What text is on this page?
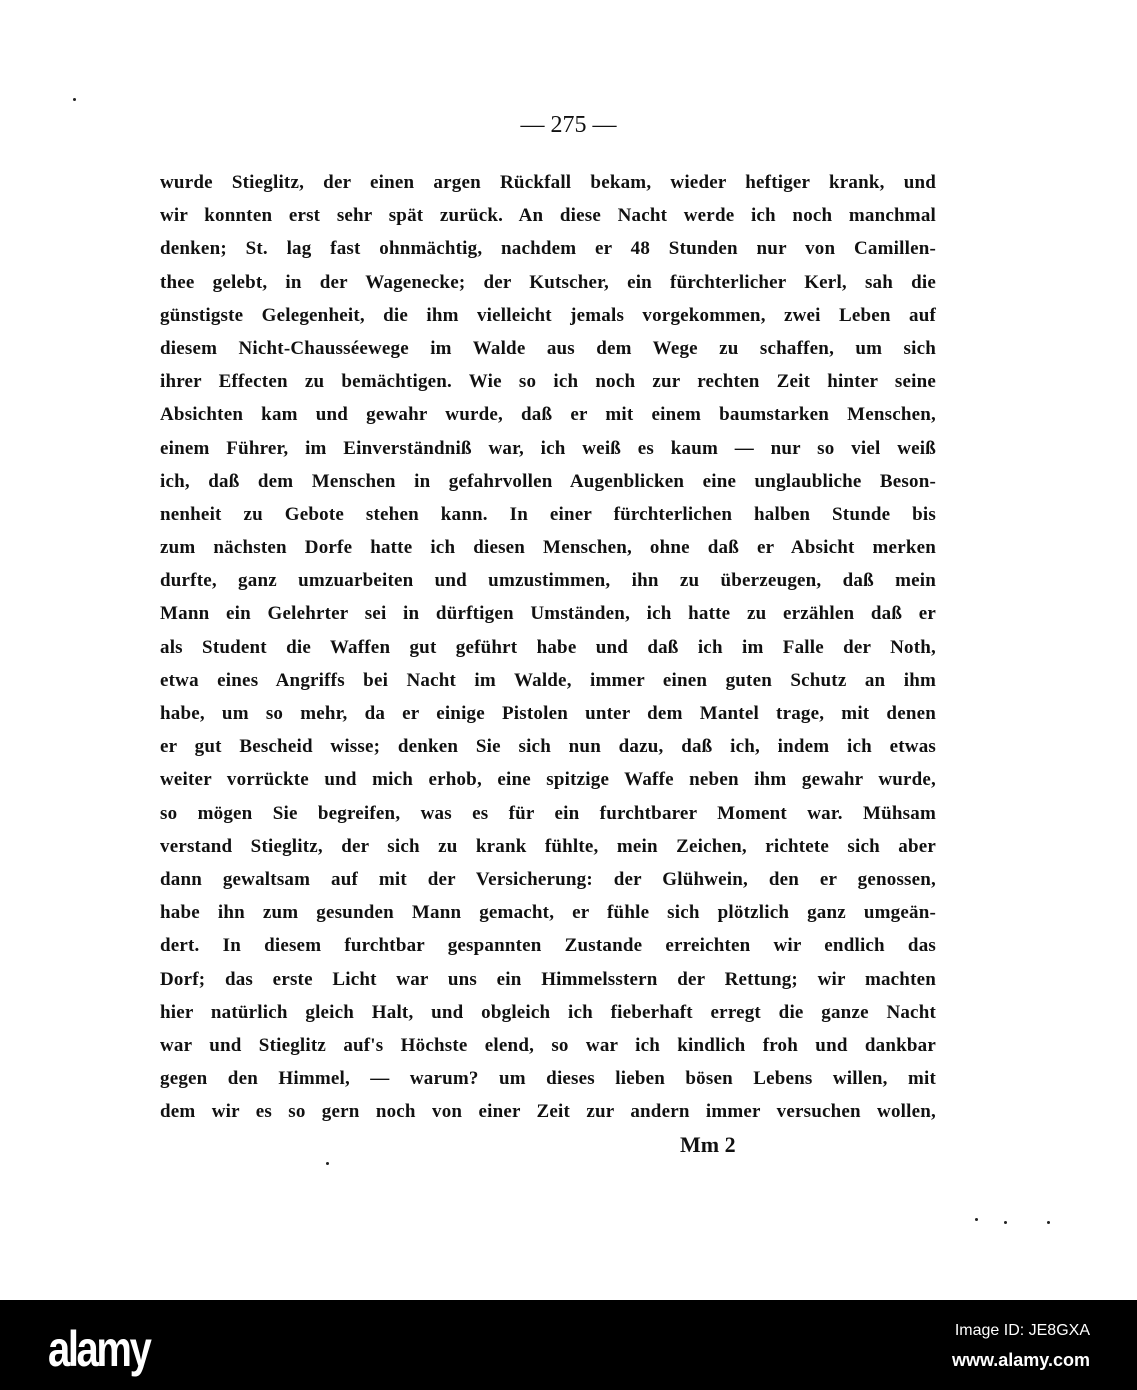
— 275 —
wurde Stieglitz, der einen argen Rückfall bekam, wieder heftiger krank, und
wir konnten erst sehr spät zurück. An diese Nacht werde ich noch manchmal
denken; St. lag fast ohnmächtig, nachdem er 48 Stunden nur von Camillen-
thee gelebt, in der Wagenecke; der Kutscher, ein fürchterlicher Kerl, sah die
günstigste Gelegenheit, die ihm vielleicht jemals vorgekommen, zwei Leben auf
diesem Nicht-Chausséewege im Walde aus dem Wege zu schaffen, um sich
ihrer Effecten zu bemächtigen. Wie so ich noch zur rechten Zeit hinter seine
Absichten kam und gewahr wurde, daß er mit einem baumstarken Menschen,
einem Führer, im Einverständniß war, ich weiß es kaum — nur so viel weiß
ich, daß dem Menschen in gefahrvollen Augenblicken eine unglaubliche Beson-
nenheit zu Gebote stehen kann. In einer fürchterlichen halben Stunde bis
zum nächsten Dorfe hatte ich diesen Menschen, ohne daß er Absicht merken
durfte, ganz umzuarbeiten und umzustimmen, ihn zu überzeugen, daß mein
Mann ein Gelehrter sei in dürftigen Umständen, ich hatte zu erzählen daß er
als Student die Waffen gut geführt habe und daß ich im Falle der Noth,
etwa eines Angriffs bei Nacht im Walde, immer einen guten Schutz an ihm
habe, um so mehr, da er einige Pistolen unter dem Mantel trage, mit denen
er gut Bescheid wisse; denken Sie sich nun dazu, daß ich, indem ich etwas
weiter vorrückte und mich erhob, eine spitzige Waffe neben ihm gewahr wurde,
so mögen Sie begreifen, was es für ein furchtbarer Moment war. Mühsam
verstand Stieglitz, der sich zu krank fühlte, mein Zeichen, richtete sich aber
dann gewaltsam auf mit der Versicherung: der Glühwein, den er genossen,
habe ihn zum gesunden Mann gemacht, er fühle sich plötzlich ganz umgeän-
dert. In diesem furchtbar gespannten Zustande erreichten wir endlich das
Dorf; das erste Licht war uns ein Himmelsstern der Rettung; wir machten
hier natürlich gleich Halt, und obgleich ich fieberhaft erregt die ganze Nacht
war und Stieglitz auf's Höchste elend, so war ich kindlich froh und dankbar
gegen den Himmel, — warum? um dieses lieben bösen Lebens willen, mit
dem wir es so gern noch von einer Zeit zur andern immer versuchen wollen,
Mm 2
alamy	Image ID: JE8GXA
www.alamy.com
